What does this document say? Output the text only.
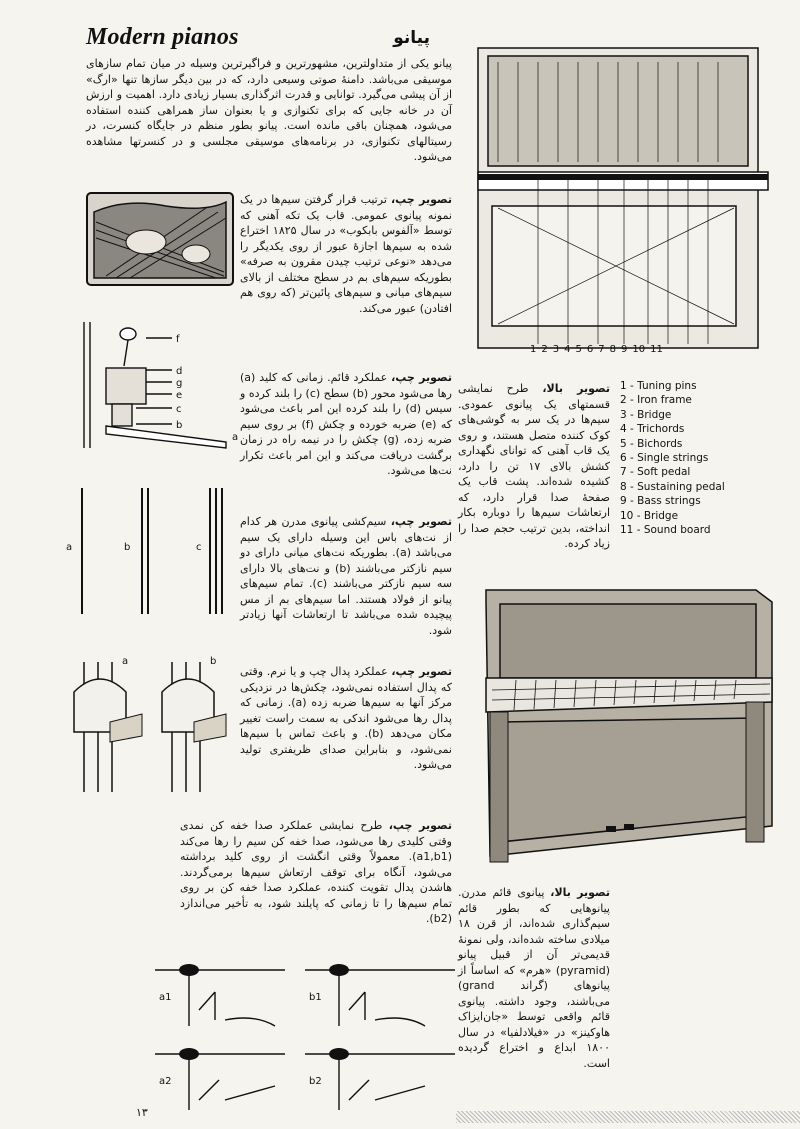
Modern pianos	پیانو
پیانو یکی از متداولترین، مشهورترین و فراگیرترین وسیله در میان تمام سازهای موسیقی می‌باشد. دامنهٔ صوتی وسیعی دارد، که در بین دیگر سازها تنها «ارگ» از آن پیشی می‌گیرد. توانایی و قدرت اثرگذاری بسیار زیادی دارد. اهمیت و ارزش آن در خانه جایی که برای تکنوازی و یا بعنوان ساز همراهی کننده استفاده می‌شود، همچنان باقی مانده است. پیانو بطور منظم در جایگاه کنسرت، در رسیتالهای تکنوازی، در برنامه‌های موسیقی مجلسی و در کنسرتها مشاهده می‌شود.
تصویر چپ، ترتیب قرار گرفتن سیم‌ها در یک نمونه پیانوی عمومی. قاب یک تکه آهنی که توسط «آلفوس بابکوب» در سال ۱۸۲۵ اختراع شده به سیم‌ها اجازهٔ عبور از روی یکدیگر را می‌دهد «نوعی ترتیب چیدن مقرون به صرفه» بطوریکه سیم‌های بم در سطح مختلف از بالای سیم‌های میانی و سیم‌های پائین‌تر (که روی هم افتادن) عبور می‌کند.
تصویر چپ، عملکرد قائم. زمانی که کلید (a) رها می‌شود محور (b) سطح (c) را بلند کرده و سیس (d) را بلند کرده این امر باعث می‌شود که (e) ضربه خورده و چکش (f) بر روی سیم ضربه زده، (g) چکش را در نیمه راه در زمان برگشت دریافت می‌کند و این امر باعث تکرار نت‌ها می‌شود.
تصویر چپ، سیم‌کشی پیانوی مدرن هر کدام از نت‌های باس این وسیله دارای یک سیم می‌باشد (a). بطوریکه نت‌های میانی دارای دو سیم نازکتر می‌باشند (b) و نت‌های بالا دارای سه سیم نازکتر می‌باشند (c). تمام سیم‌های پیانو از فولاد هستند. اما سیم‌های بم از مس پیچیده شده می‌باشد تا ارتعاشات آنها زیادتر شود.
تصویر چپ، عملکرد پدال چپ و یا نرم. وقتی که پدال استفاده نمی‌شود، چکش‌ها در نزدیکی مرکز آنها به سیم‌ها ضربه زده (a). زمانی که پدال رها می‌شود اندکی به سمت راست تغییر مکان می‌دهد (b). و باعث تماس با سیم‌ها نمی‌شود، و بنابراین صدای ظریفتری تولید می‌شود.
تصویر چپ، طرح نمایشی عملکرد صدا خفه کن نمدی وقتی کلیدی رها می‌شود، صدا خفه کن سیم را رها می‌کند (a1,b1). معمولاً وقتی انگشت از روی کلید برداشته می‌شود، آنگاه برای توقف ارتعاش سیم‌ها برمی‌گردند. هاشدن پدال تقویت کننده، عملکرد صدا خفه کن بر روی تمام سیم‌ها را تا زمانی که پایلند شود، به تأخیر می‌اندازد (b2).
تصویر بالا، طرح نمایشی قسمتهای یک پیانوی عمودی. سیم‌ها در یک سر به گوشی‌های کوک کننده متصل هستند، و روی یک قاب آهنی که توانای نگهداری کشش بالای ۱۷ تن را دارد، کشیده شده‌اند. پشت قاب یک صفحهٔ صدا قرار دارد، که ارتعاشات سیم‌ها را دوباره بکار انداخته، بدین ترتیب حجم صدا را زیاد کرده.
تصویر بالا، پیانوی قائم مدرن. پیانوهایی که بطور قائم سیم‌گذاری شده‌اند، از قرن ۱۸ میلادی ساخته شده‌اند، ولی نمونهٔ قدیمی‌تر آن از قبیل پیانو (pyramid) «هرم» که اساساً از پیانوهای (گراند grand) می‌باشند، وجود داشته. پیانوی قائم واقعی توسط «جان‌ایزاک هاوکینز» در «فیلادلفیا» در سال ۱۸۰۰ ابداع و اختراع گردیده است.
1 - Tuning pins
2 - Iron frame
3 - Bridge
4 - Trichords
5 - Bichords
6 - Single strings
7 - Soft pedal
8 - Sustaining pedal
9 - Bass strings
10 - Bridge
11 - Sound board
f
d
g
e
c
b
a
a	b	c
a	b
a1	b1
a2	b2
1 2 3 4 5 6 7 8 9 10 11
۱۳
